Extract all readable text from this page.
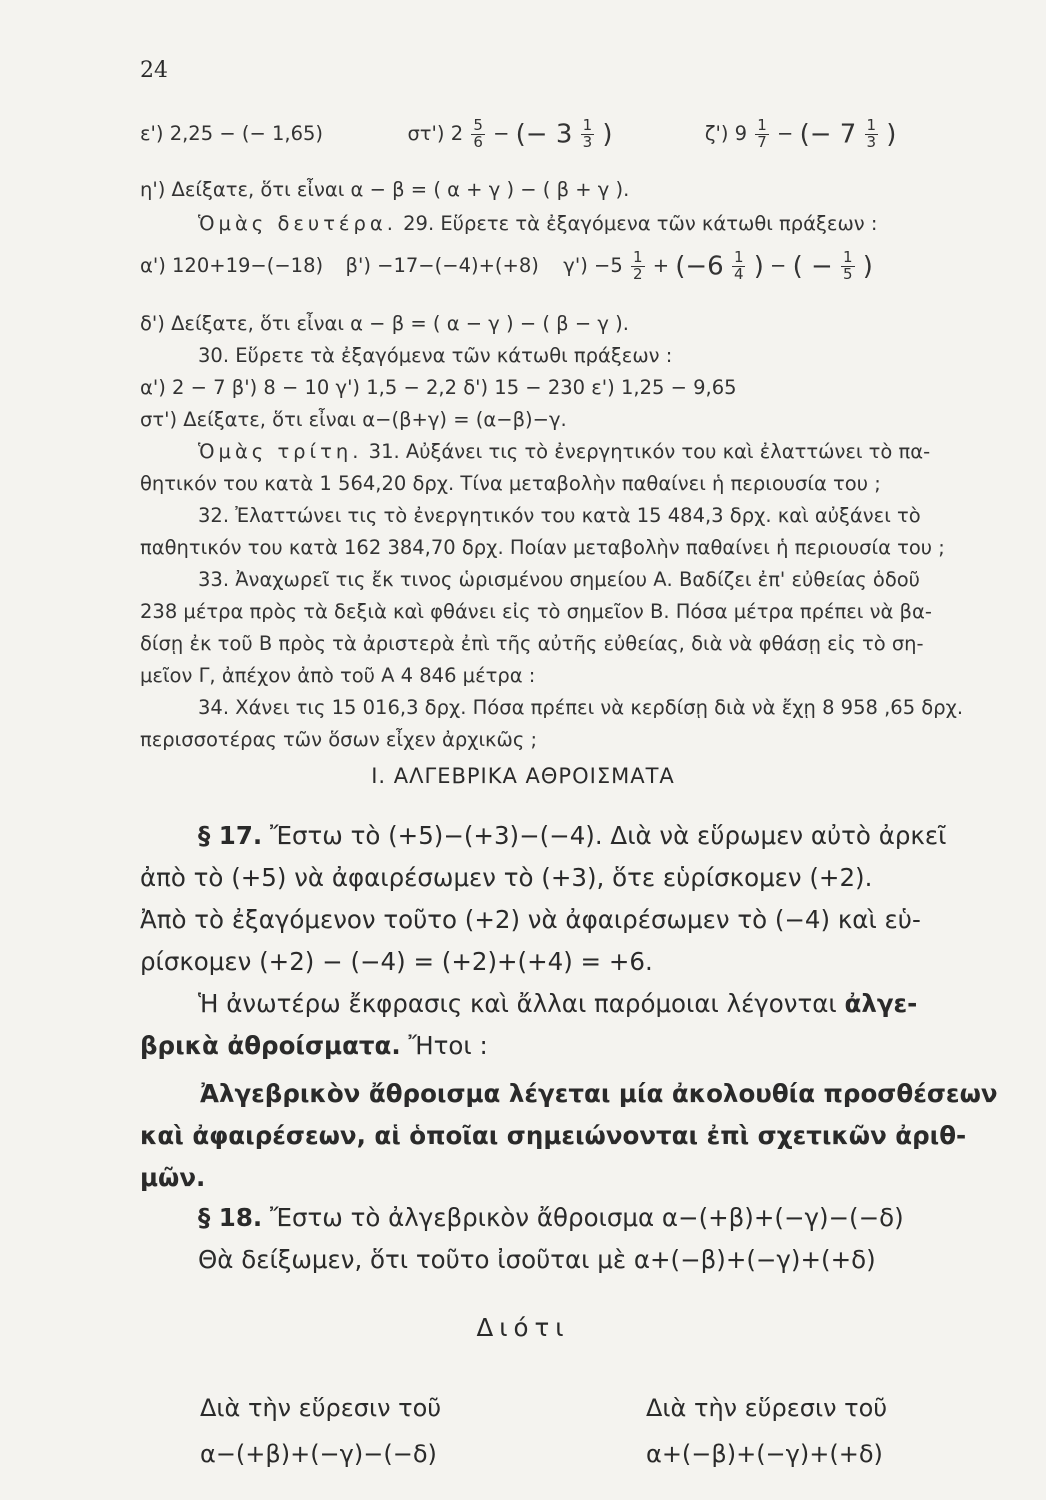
24
ε') 2,25 − (− 1,65)	στ') $2 \frac{5}{6}$ − (− $3 \frac{1}{3}$ )	ζ') $9 \frac{1}{7}$ − (− $7 \frac{1}{3}$ )
η') Δείξατε, ὅτι εἶναι α − β = ( α + γ ) − ( β + γ ).
Ὁμὰς δευτέρα. 29. Εὕρετε τὰ ἐξαγόμενα τῶν κάτωθι πράξεων :
α') 120+19−(−18) β') −17−(−4)+(+8) $\gamma') -5 \frac{1}{2} + (-6 \frac{1}{4}$ ) − ( − $\frac{1}{5}$ )
δ') Δείξατε, ὅτι εἶναι α − β = ( α − γ ) − ( β − γ ).
30. Εὕρετε τὰ ἐξαγόμενα τῶν κάτωθι πράξεων :
α') 2 − 7 β') 8 − 10 γ') 1,5 − 2,2 δ') 15 − 230 ε') 1,25 − 9,65
στ') Δείξατε, ὅτι εἶναι α−(β+γ) = (α−β)−γ.
Ὁμὰς τρίτη. 31. Αὐξάνει τις τὸ ἐνεργητικόν του καὶ ἐλαττώνει τὸ πα-
θητικόν του κατὰ 1 564,20 δρχ. Τίνα μεταβολὴν παθαίνει ἡ περιουσία του ;
32. Ἐλαττώνει τις τὸ ἐνεργητικόν του κατὰ 15 484,3 δρχ. καὶ αὐξάνει τὸ
παθητικόν του κατὰ 162 384,70 δρχ. Ποίαν μεταβολὴν παθαίνει ἡ περιουσία του ;
33. Ἀναχωρεῖ τις ἔκ τινος ὡρισμένου σημείου Α. Βαδίζει ἐπ' εὐθείας ὁδοῦ
238 μέτρα πρὸς τὰ δεξιὰ καὶ φθάνει εἰς τὸ σημεῖον Β. Πόσα μέτρα πρέπει νὰ βα-
δίσῃ ἐκ τοῦ Β πρὸς τὰ ἀριστερὰ ἐπὶ τῆς αὐτῆς εὐθείας, διὰ νὰ φθάσῃ εἰς τὸ ση-
μεῖον Γ, ἀπέχον ἀπὸ τοῦ Α 4 846 μέτρα :
34. Χάνει τις 15 016,3 δρχ. Πόσα πρέπει νὰ κερδίσῃ διὰ νὰ ἔχῃ 8 958 ,65 δρχ.
περισσοτέρας τῶν ὅσων εἶχεν ἀρχικῶς ;
I. ΑΛΓΕΒΡΙΚΑ ΑΘΡΟΙΣΜΑΤΑ
§ 17. Ἔστω τὸ (+5)−(+3)−(−4). Διὰ νὰ εὕρωμεν αὐτὸ ἀρκεῖ
ἀπὸ τὸ (+5) νὰ ἀφαιρέσωμεν τὸ (+3), ὅτε εὑρίσκομεν (+2).
Ἀπὸ τὸ ἐξαγόμενον τοῦτο (+2) νὰ ἀφαιρέσωμεν τὸ (−4) καὶ εὑ-
ρίσκομεν (+2) − (−4) = (+2)+(+4) = +6.
Ἡ ἀνωτέρω ἔκφρασις καὶ ἄλλαι παρόμοιαι λέγονται ἀλγε-
βρικὰ ἀθροίσματα. Ἤτοι :
Ἀλγεβρικὸν ἄθροισμα λέγεται μία ἀκολουθία προσθέσεων
καὶ ἀφαιρέσεων, αἱ ὁποῖαι σημειώνονται ἐπὶ σχετικῶν ἀριθ-
μῶν.
§ 18. Ἔστω τὸ ἀλγεβρικὸν ἄθροισμα α−(+β)+(−γ)−(−δ)
Θὰ δείξωμεν, ὅτι τοῦτο ἰσοῦται μὲ α+(−β)+(−γ)+(+δ)
Διότι
Διὰ τὴν εὕρεσιν τοῦ
α−(+β)+(−γ)−(−δ)
Διὰ τὴν εὕρεσιν τοῦ
α+(−β)+(−γ)+(+δ)
